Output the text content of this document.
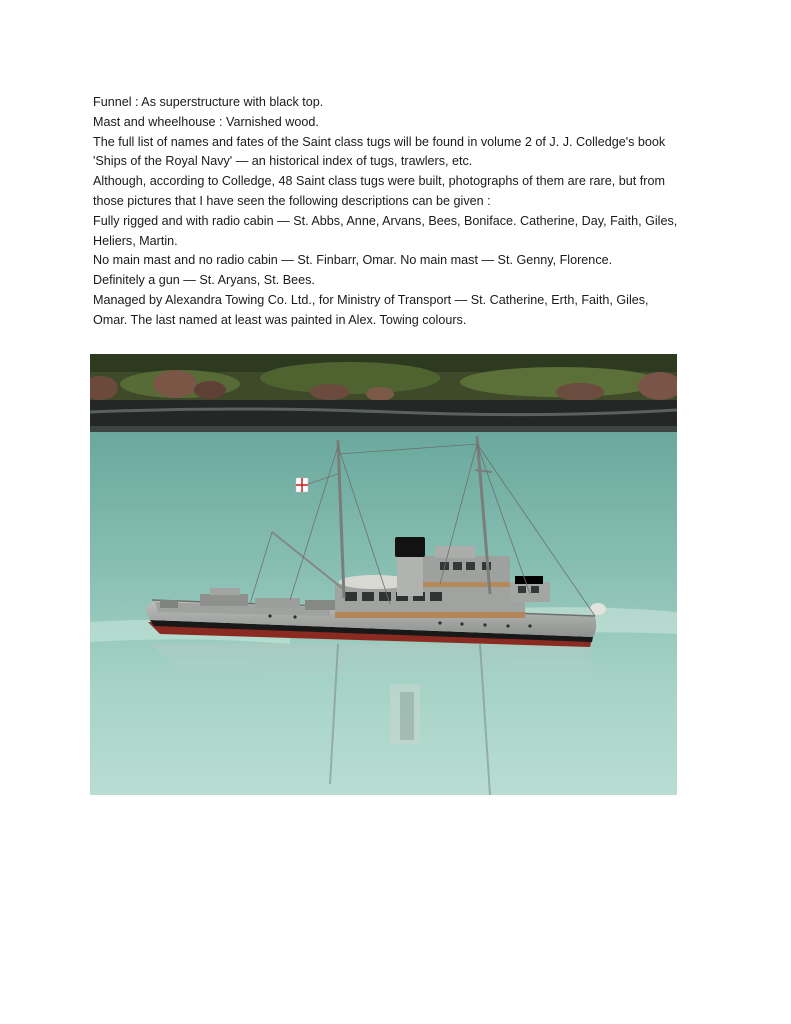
Funnel : As superstructure with black top.

Mast and wheelhouse : Varnished wood.

The full list of names and fates of the Saint class tugs will be found in volume 2 of J. J. Colledge's book

'Ships of the Royal Navy' — an historical index of tugs, trawlers, etc.

Although, according to Colledge, 48 Saint class tugs were built, photographs of them are rare, but from

those pictures that I have seen the following descriptions can be given :

Fully rigged and with radio cabin — St. Abbs, Anne, Arvans, Bees, Boniface. Catherine, Day, Faith, Giles,

Heliers, Martin.

No main mast and no radio cabin — St. Finbarr, Omar. No main mast — St. Genny, Florence.

Definitely a gun — St. Aryans, St. Bees.

Managed by Alexandra Towing Co. Ltd., for Ministry of Transport — St. Catherine, Erth, Faith, Giles,

Omar. The last named at least was painted in Alex. Towing colours.
